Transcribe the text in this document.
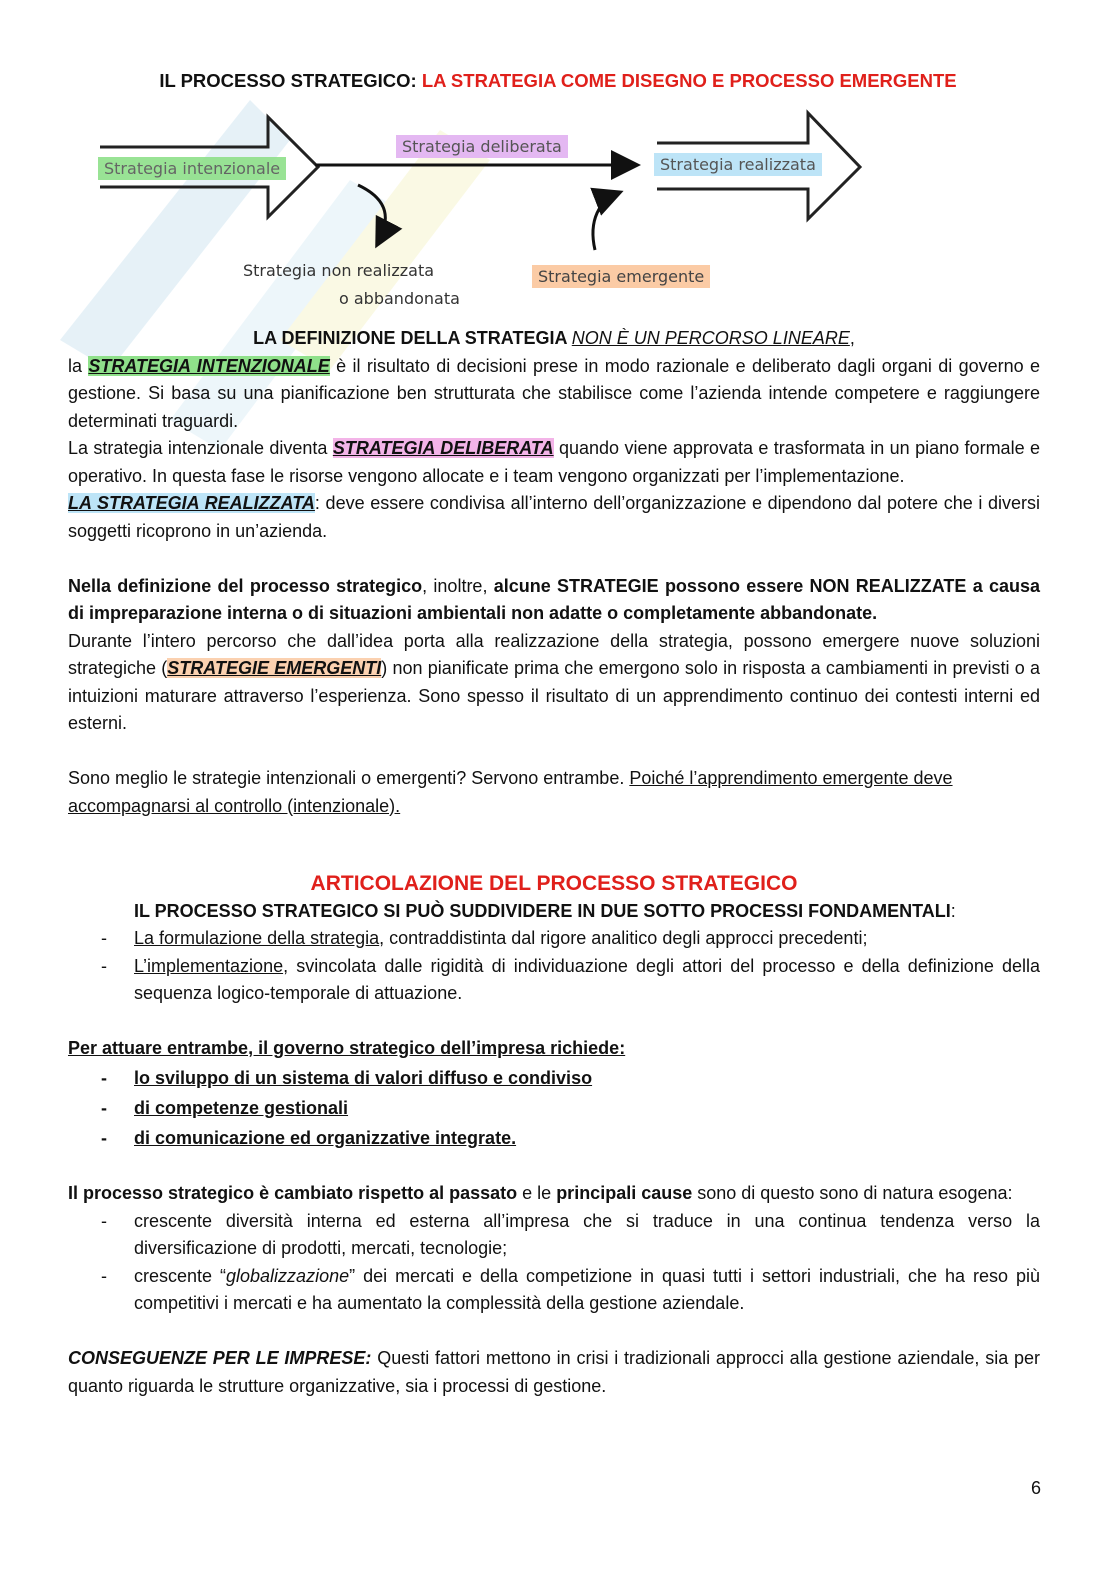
IL PROCESSO STRATEGICO: LA STRATEGIA COME DISEGNO E PROCESSO EMERGENTE
Strategia intenzionale
Strategia deliberata
Strategia realizzata
Strategia non realizzata
o abbandonata
Strategia emergente

LA DEFINIZIONE DELLA STRATEGIA NON È UN PERCORSO LINEARE,

la STRATEGIA INTENZIONALE è il risultato di decisioni prese in modo razionale e deliberato dagli organi di governo e gestione. Si basa su una pianificazione ben strutturata che stabilisce come l’azienda intende competere e raggiungere determinati traguardi.

La strategia intenzionale diventa STRATEGIA DELIBERATA quando viene approvata e trasformata in un piano formale e operativo. In questa fase le risorse vengono allocate e i team vengono organizzati per l’implementazione.

LA STRATEGIA REALIZZATA: deve essere condivisa all’interno dell’organizzazione e dipendono dal potere che i diversi soggetti ricoprono in un’azienda.

Nella definizione del processo strategico, inoltre, alcune STRATEGIE possono essere NON REALIZZATE a causa di impreparazione interna o di situazioni ambientali non adatte o completamente abbandonate.

Durante l’intero percorso che dall’idea porta alla realizzazione della strategia, possono emergere nuove soluzioni strategiche (STRATEGIE EMERGENTI) non pianificate prima che emergono solo in risposta a cambiamenti in previsti o a intuizioni maturare attraverso l’esperienza. Sono spesso il risultato di un apprendimento continuo dei contesti interni ed esterni.

Sono meglio le strategie intenzionali o emergenti? Servono entrambe. Poiché l’apprendimento emergente deve accompagnarsi al controllo (intenzionale).

ARTICOLAZIONE DEL PROCESSO STRATEGICO

IL PROCESSO STRATEGICO SI PUÒ SUDDIVIDERE IN DUE SOTTO PROCESSI FONDAMENTALI:

- La formulazione della strategia, contraddistinta dal rigore analitico degli approcci precedenti;
- L’implementazione, svincolata dalle rigidità di individuazione degli attori del processo e della definizione della sequenza logico-temporale di attuazione.

Per attuare entrambe, il governo strategico dell’impresa richiede:

- lo sviluppo di un sistema di valori diffuso e condiviso
- di competenze gestionali
- di comunicazione ed organizzative integrate.

Il processo strategico è cambiato rispetto al passato e le principali cause sono di questo sono di natura esogena:

- crescente diversità interna ed esterna all’impresa che si traduce in una continua tendenza verso la diversificazione di prodotti, mercati, tecnologie;
- crescente “globalizzazione” dei mercati e della competizione in quasi tutti i settori industriali, che ha reso più competitivi i mercati e ha aumentato la complessità della gestione aziendale.

CONSEGUENZE PER LE IMPRESE: Questi fattori mettono in crisi i tradizionali approcci alla gestione aziendale, sia per quanto riguarda le strutture organizzative, sia i processi di gestione.

6
